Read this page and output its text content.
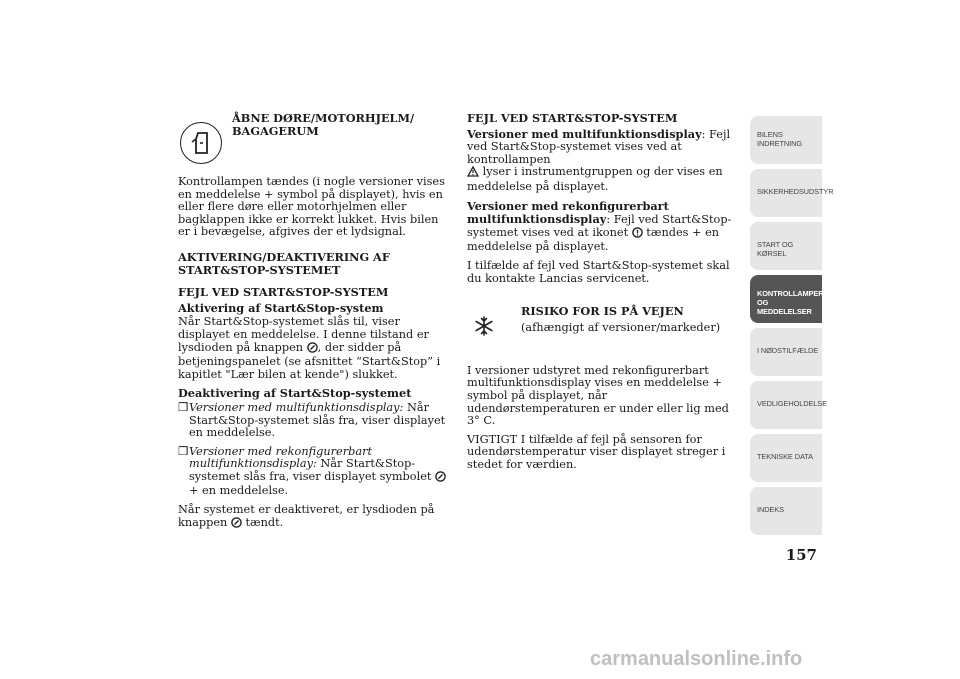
ÅBNE DØRE/MOTORHJELM/ BAGAGERUM

Kontrollampen tændes (i nogle versioner vises en meddelelse + symbol på displayet), hvis en eller flere døre eller motorhjelmen eller bagklappen ikke er korrekt lukket. Hvis bilen er i bevægelse, afgives der et lydsignal.

AKTIVERING/DEAKTIVERING AF START&STOP-SYSTEMET
FEJL VED START&STOP-SYSTEM

Aktivering af Start&Stop-system

Når Start&Stop-systemet slås til, viser displayet en meddelelse. I denne tilstand er lysdioden på knappen , der sidder på betjeningspanelet (se afsnittet “Start&Stop” i kapitlet "Lær bilen at kende") slukket.

Deaktivering af Start&Stop-systemet

❒ Versioner med multifunktionsdisplay: Når Start&Stop-systemet slås fra, viser displayet en meddelelse.
❒ Versioner med rekonfigurerbart multifunktionsdisplay: Når Start&Stop-systemet slås fra, viser displayet symbolet  + en meddelelse.

Når systemet er deaktiveret, er lysdioden på knappen  tændt.

FEJL VED START&STOP-SYSTEM

Versioner med multifunktionsdisplay: Fejl ved Start&Stop-systemet vises ved at kontrollampen
lyser i instrumentgruppen og der vises en meddelelse på displayet.

Versioner med rekonfigurerbart multifunktionsdisplay: Fejl ved Start&Stop-systemet vises ved at ikonet  tændes + en meddelelse på displayet.

I tilfælde af fejl ved Start&Stop-systemet skal du kontakte Lancias servicenet.

RISIKO FOR IS PÅ VEJEN
(afhængigt af versioner/markeder)

I versioner udstyret med rekonfigurerbart multifunktionsdisplay vises en meddelelse + symbol på displayet, når udendørstemperaturen er under eller lig med 3° C.

VIGTIGT I tilfælde af fejl på sensoren for udendørstemperatur viser displayet streger i stedet for værdien.

BILENS
INDRETNING
SIKKERHEDSUDSTYR
START OG KØRSEL
KONTROLLAMPER
OG MEDDELELSER
I NØDSTILFÆLDE
VEDLIGEHOLDELSE
TEKNISKE DATA
INDEKS
157
carmanualsonline.info
